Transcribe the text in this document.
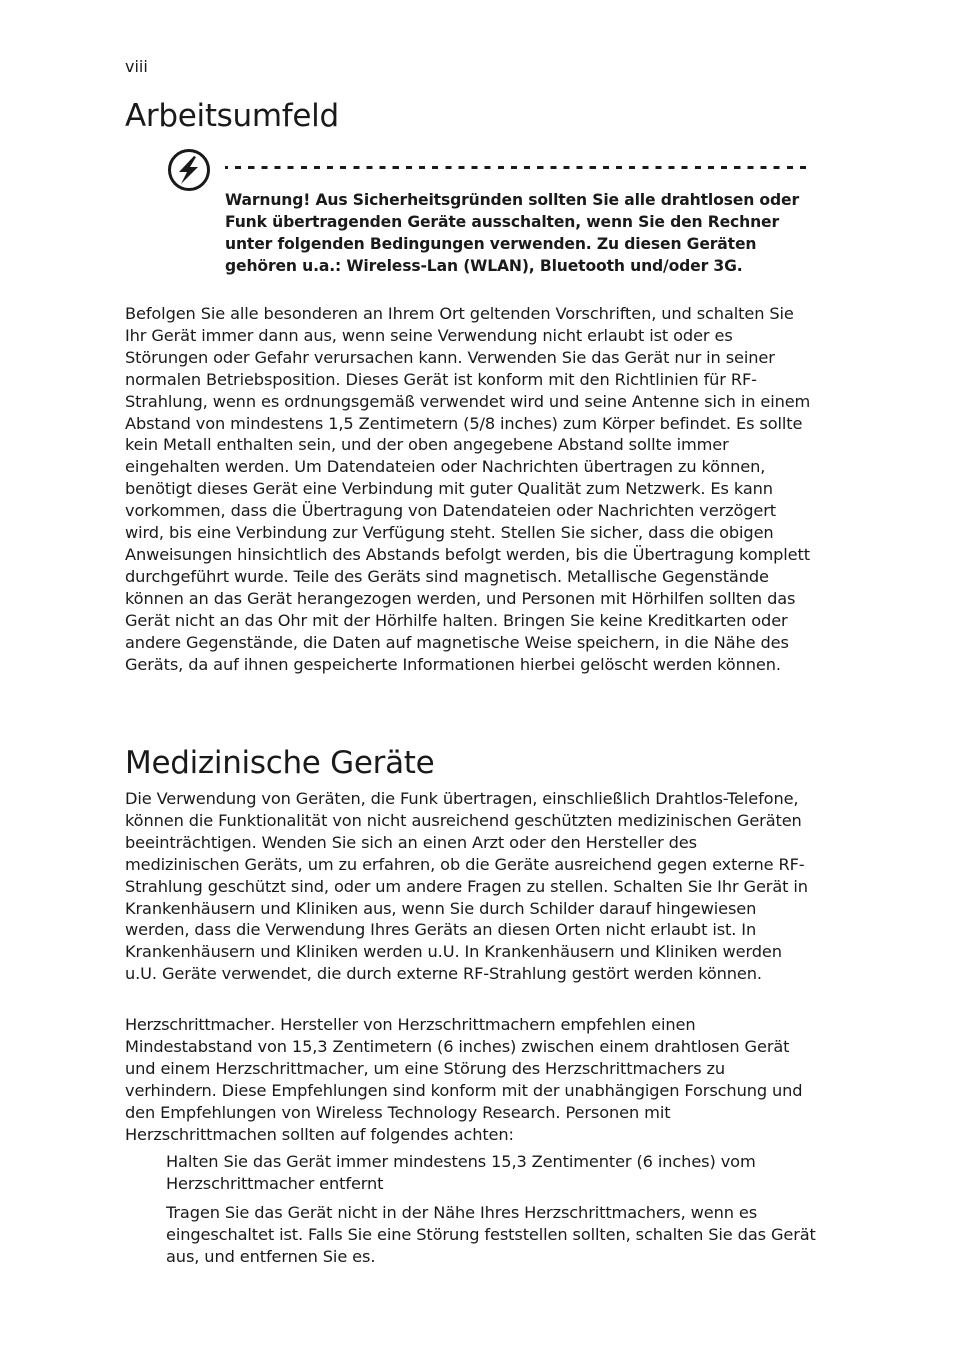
viii
Arbeitsumfeld
Warnung! Aus Sicherheitsgründen sollten Sie alle drahtlosen oder Funk übertragenden Geräte ausschalten, wenn Sie den Rechner unter folgenden Bedingungen verwenden. Zu diesen Geräten gehören u.a.: Wireless-Lan (WLAN), Bluetooth und/oder 3G.

Befolgen Sie alle besonderen an Ihrem Ort geltenden Vorschriften, und schalten Sie Ihr Gerät immer dann aus, wenn seine Verwendung nicht erlaubt ist oder es Störungen oder Gefahr verursachen kann. Verwenden Sie das Gerät nur in seiner normalen Betriebsposition. Dieses Gerät ist konform mit den Richtlinien für RF-Strahlung, wenn es ordnungsgemäß verwendet wird und seine Antenne sich in einem Abstand von mindestens 1,5 Zentimetern (5/8 inches) zum Körper befindet. Es sollte kein Metall enthalten sein, und der oben angegebene Abstand sollte immer eingehalten werden. Um Datendateien oder Nachrichten übertragen zu können, benötigt dieses Gerät eine Verbindung mit guter Qualität zum Netzwerk. Es kann vorkommen, dass die Übertragung von Datendateien oder Nachrichten verzögert wird, bis eine Verbindung zur Verfügung steht. Stellen Sie sicher, dass die obigen Anweisungen hinsichtlich des Abstands befolgt werden, bis die Übertragung komplett durchgeführt wurde. Teile des Geräts sind magnetisch. Metallische Gegenstände können an das Gerät herangezogen werden, und Personen mit Hörhilfen sollten das Gerät nicht an das Ohr mit der Hörhilfe halten. Bringen Sie keine Kreditkarten oder andere Gegenstände, die Daten auf magnetische Weise speichern, in die Nähe des Geräts, da auf ihnen gespeicherte Informationen hierbei gelöscht werden können.

Medizinische Geräte

Die Verwendung von Geräten, die Funk übertragen, einschließlich Drahtlos-Telefone, können die Funktionalität von nicht ausreichend geschützten medizinischen Geräten beeinträchtigen. Wenden Sie sich an einen Arzt oder den Hersteller des medizinischen Geräts, um zu erfahren, ob die Geräte ausreichend gegen externe RF-Strahlung geschützt sind, oder um andere Fragen zu stellen. Schalten Sie Ihr Gerät in Krankenhäusern und Kliniken aus, wenn Sie durch Schilder darauf hingewiesen werden, dass die Verwendung Ihres Geräts an diesen Orten nicht erlaubt ist. In Krankenhäusern und Kliniken werden u.U. In Krankenhäusern und Kliniken werden u.U. Geräte verwendet, die durch externe RF-Strahlung gestört werden können.

Herzschrittmacher. Hersteller von Herzschrittmachern empfehlen einen Mindestabstand von 15,3 Zentimetern (6 inches) zwischen einem drahtlosen Gerät und einem Herzschrittmacher, um eine Störung des Herzschrittmachers zu verhindern. Diese Empfehlungen sind konform mit der unabhängigen Forschung und den Empfehlungen von Wireless Technology Research. Personen mit Herzschrittmachen sollten auf folgendes achten:

Halten Sie das Gerät immer mindestens 15,3 Zentimenter (6 inches) vom Herzschrittmacher entfernt
Tragen Sie das Gerät nicht in der Nähe Ihres Herzschrittmachers, wenn es eingeschaltet ist. Falls Sie eine Störung feststellen sollten, schalten Sie das Gerät aus, und entfernen Sie es.
